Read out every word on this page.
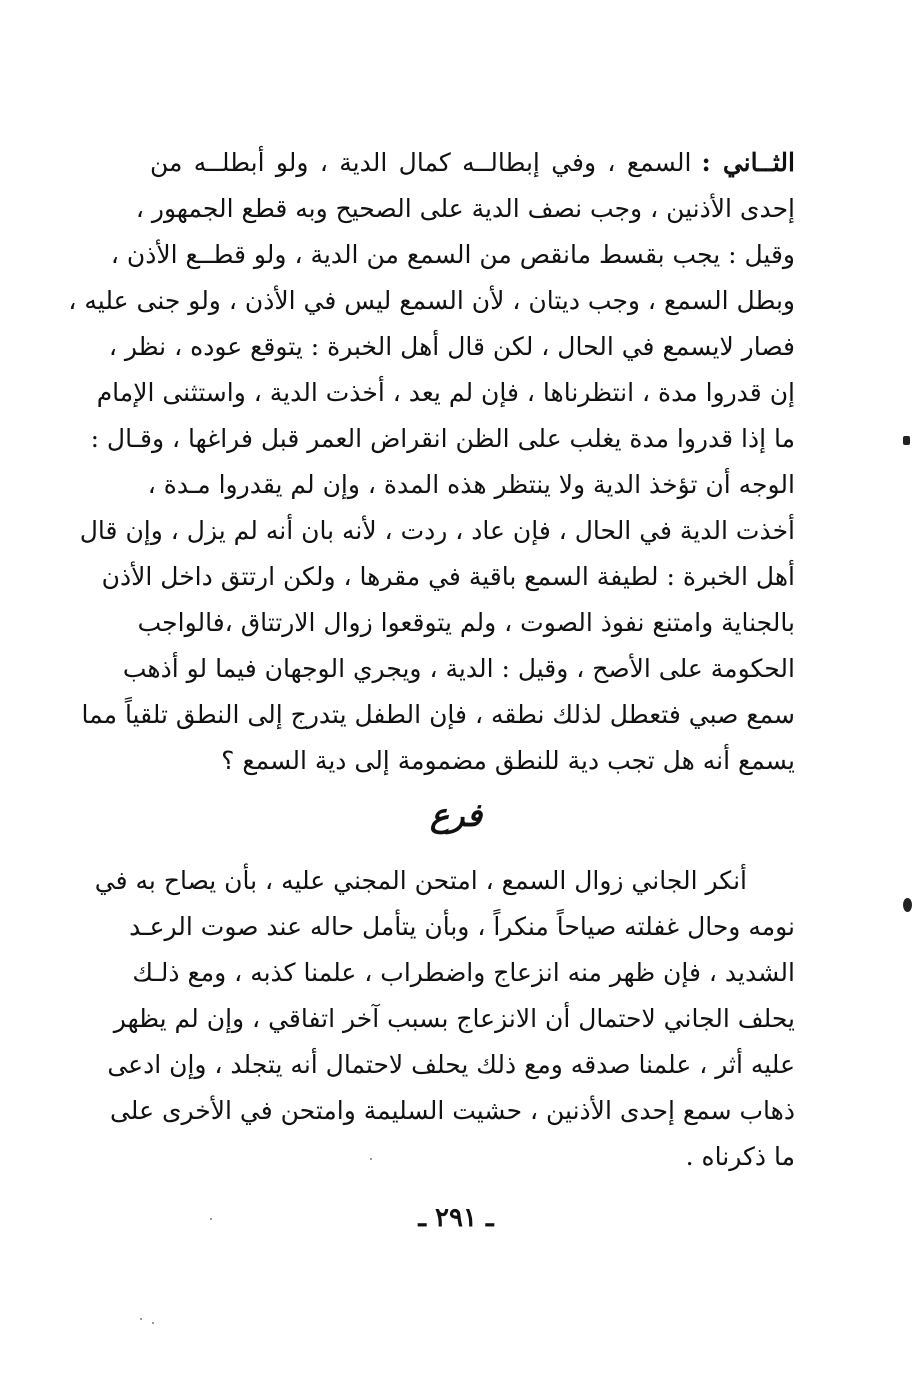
الثــاني :السمع ، وفي إبطالــه كمال الدية ، ولو أبطلــه من
إحدى الأذنين ، وجب نصف الدية على الصحيح وبه قطع الجمهور ،
وقيل : يجب بقسط مانقص من السمع من الدية ، ولو قطــع الأذن ،
وبطل السمع ، وجب ديتان ، لأن السمع ليس في الأذن ، ولو جنى عليه ،
فصار لايسمع في الحال ، لكن قال أهل الخبرة : يتوقع عوده ، نظر ،
إن قدروا مدة ، انتظرناها ، فإن لم يعد ، أخذت الدية ، واستثنى الإمام
ما إذا قدروا مدة يغلب على الظن انقراض العمر قبل فراغها ، وقـال :
الوجه أن تؤخذ الدية ولا ينتظر هذه المدة ، وإن لم يقدروا مـدة ،
أخذت الدية في الحال ، فإن عاد ، ردت ، لأنه بان أنه لم يزل ، وإن قال
أهل الخبرة : لطيفة السمع باقية في مقرها ، ولكن ارتتق داخل الأذن
بالجناية وامتنع نفوذ الصوت ، ولم يتوقعوا زوال الارتتاق ،فالواجب
الحكومة على الأصح ، وقيل : الدية ، ويجري الوجهان فيما لو أذهب
سمع صبي فتعطل لذلك نطقه ، فإن الطفل يتدرج إلى النطق تلقياً مما
يسمع أنه هل تجب دية للنطق مضمومة إلى دية السمع ؟
فرع
أنكر الجاني زوال السمع ، امتحن المجني عليه ، بأن يصاح به في
نومه وحال غفلته صياحاً منكراً ، وبأن يتأمل حاله عند صوت الرعـد
الشديد ، فإن ظهر منه انزعاج واضطراب ، علمنا كذبه ، ومع ذلـك
يحلف الجاني لاحتمال أن الانزعاج بسبب آخر اتفاقي ، وإن لم يظهر
عليه أثر ، علمنا صدقه ومع ذلك يحلف لاحتمال أنه يتجلد ، وإن ادعى
ذهاب سمع إحدى الأذنين ، حشيت السليمة وامتحن في الأخرى على
ما ذكرناه .
ـ ٢٩١ ـ
